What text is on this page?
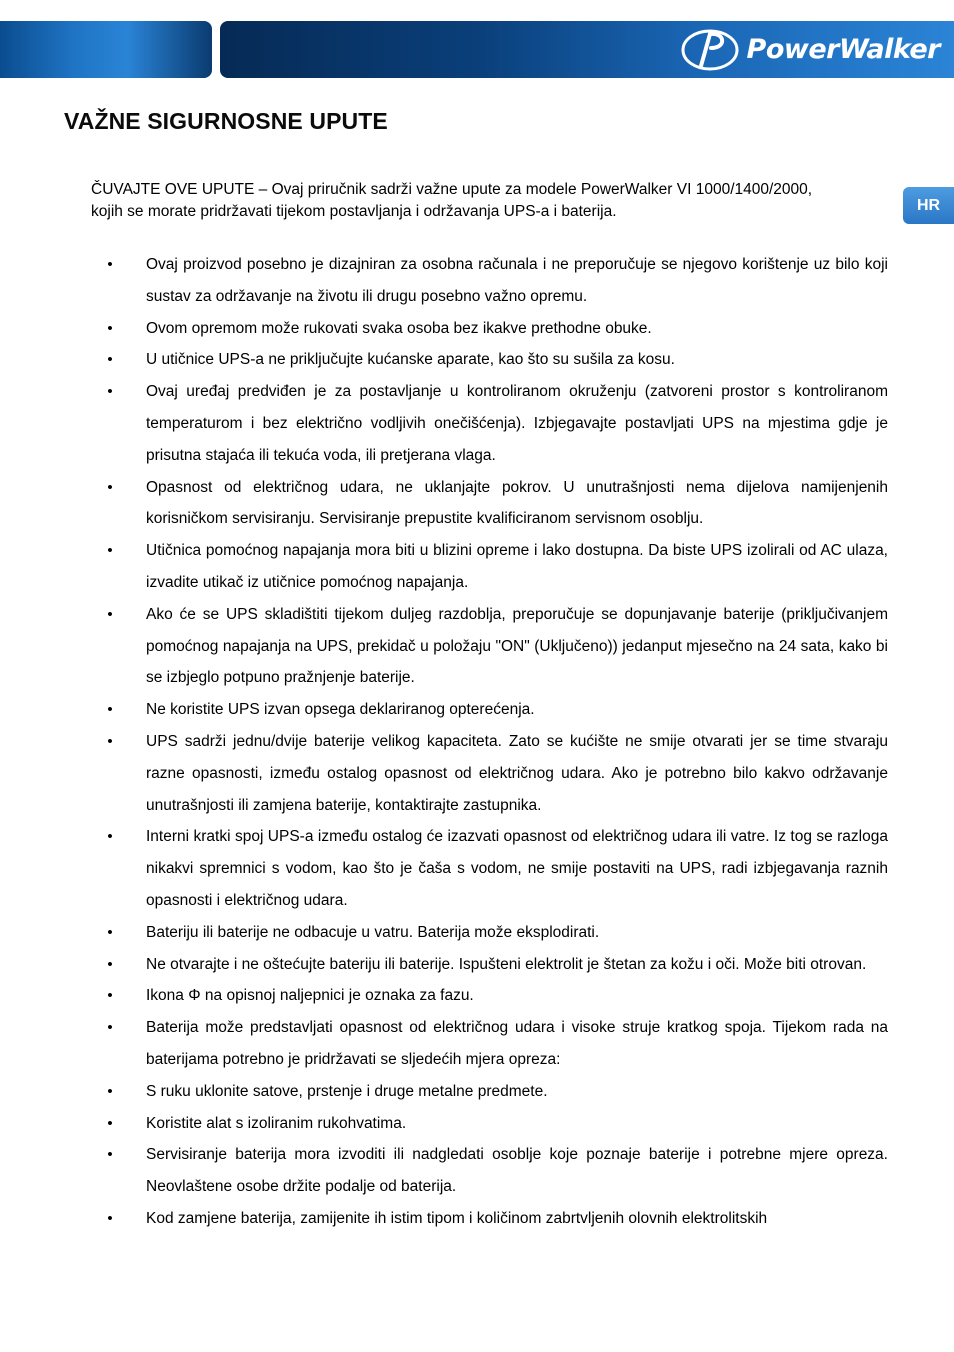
PowerWalker
HR
VAŽNE SIGURNOSNE UPUTE
ČUVAJTE OVE UPUTE – Ovaj priručnik sadrži važne upute za modele PowerWalker VI 1000/1400/2000,
kojih se morate pridržavati tijekom postavljanja i održavanja UPS-a i baterija.
• Ovaj proizvod posebno je dizajniran za osobna računala i ne preporučuje se njegovo korištenje uz bilo koji sustav za održavanje na životu ili drugu posebno važno opremu.
• Ovom opremom može rukovati svaka osoba bez ikakve prethodne obuke.
• U utičnice UPS-a ne priključujte kućanske aparate, kao što su sušila za kosu.
• Ovaj uređaj predviđen je za postavljanje u kontroliranom okruženju (zatvoreni prostor s kontroliranom temperaturom i bez električno vodljivih onečišćenja). Izbjegavajte postavljati UPS na mjestima gdje je prisutna stajaća ili tekuća voda, ili pretjerana vlaga.
• Opasnost od električnog udara, ne uklanjajte pokrov. U unutrašnjosti nema dijelova namijenjenih korisničkom servisiranju. Servisiranje prepustite kvalificiranom servisnom osoblju.
• Utičnica pomoćnog napajanja mora biti u blizini opreme i lako dostupna. Da biste UPS izolirali od AC ulaza, izvadite utikač iz utičnice pomoćnog napajanja.
• Ako će se UPS skladištiti tijekom duljeg razdoblja, preporučuje se dopunjavanje baterije (priključivanjem pomoćnog napajanja na UPS, prekidač u položaju "ON" (Uključeno)) jedanput mjesečno na 24 sata, kako bi se izbjeglo potpuno pražnjenje baterije.
• Ne koristite UPS izvan opsega deklariranog opterećenja.
• UPS sadrži jednu/dvije baterije velikog kapaciteta. Zato se kućište ne smije otvarati jer se time stvaraju razne opasnosti, između ostalog opasnost od električnog udara. Ako je potrebno bilo kakvo održavanje unutrašnjosti ili zamjena baterije, kontaktirajte zastupnika.
• Interni kratki spoj UPS-a između ostalog će izazvati opasnost od električnog udara ili vatre. Iz tog se razloga nikakvi spremnici s vodom, kao što je čaša s vodom, ne smije postaviti na UPS, radi izbjegavanja raznih opasnosti i električnog udara.
• Bateriju ili baterije ne odbacuje u vatru. Baterija može eksplodirati.
• Ne otvarajte i ne oštećujte bateriju ili baterije. Ispušteni elektrolit je štetan za kožu i oči. Može biti otrovan.
• Ikona Φ na opisnoj naljepnici je oznaka za fazu.
• Baterija može predstavljati opasnost od električnog udara i visoke struje kratkog spoja. Tijekom rada na baterijama potrebno je pridržavati se sljedećih mjera opreza:
• S ruku uklonite satove, prstenje i druge metalne predmete.
• Koristite alat s izoliranim rukohvatima.
• Servisiranje baterija mora izvoditi ili nadgledati osoblje koje poznaje baterije i potrebne mjere opreza. Neovlaštene osobe držite podalje od baterija.
• Kod zamjene baterija, zamijenite ih istim tipom i količinom zabrtvljenih olovnih elektrolitskih
